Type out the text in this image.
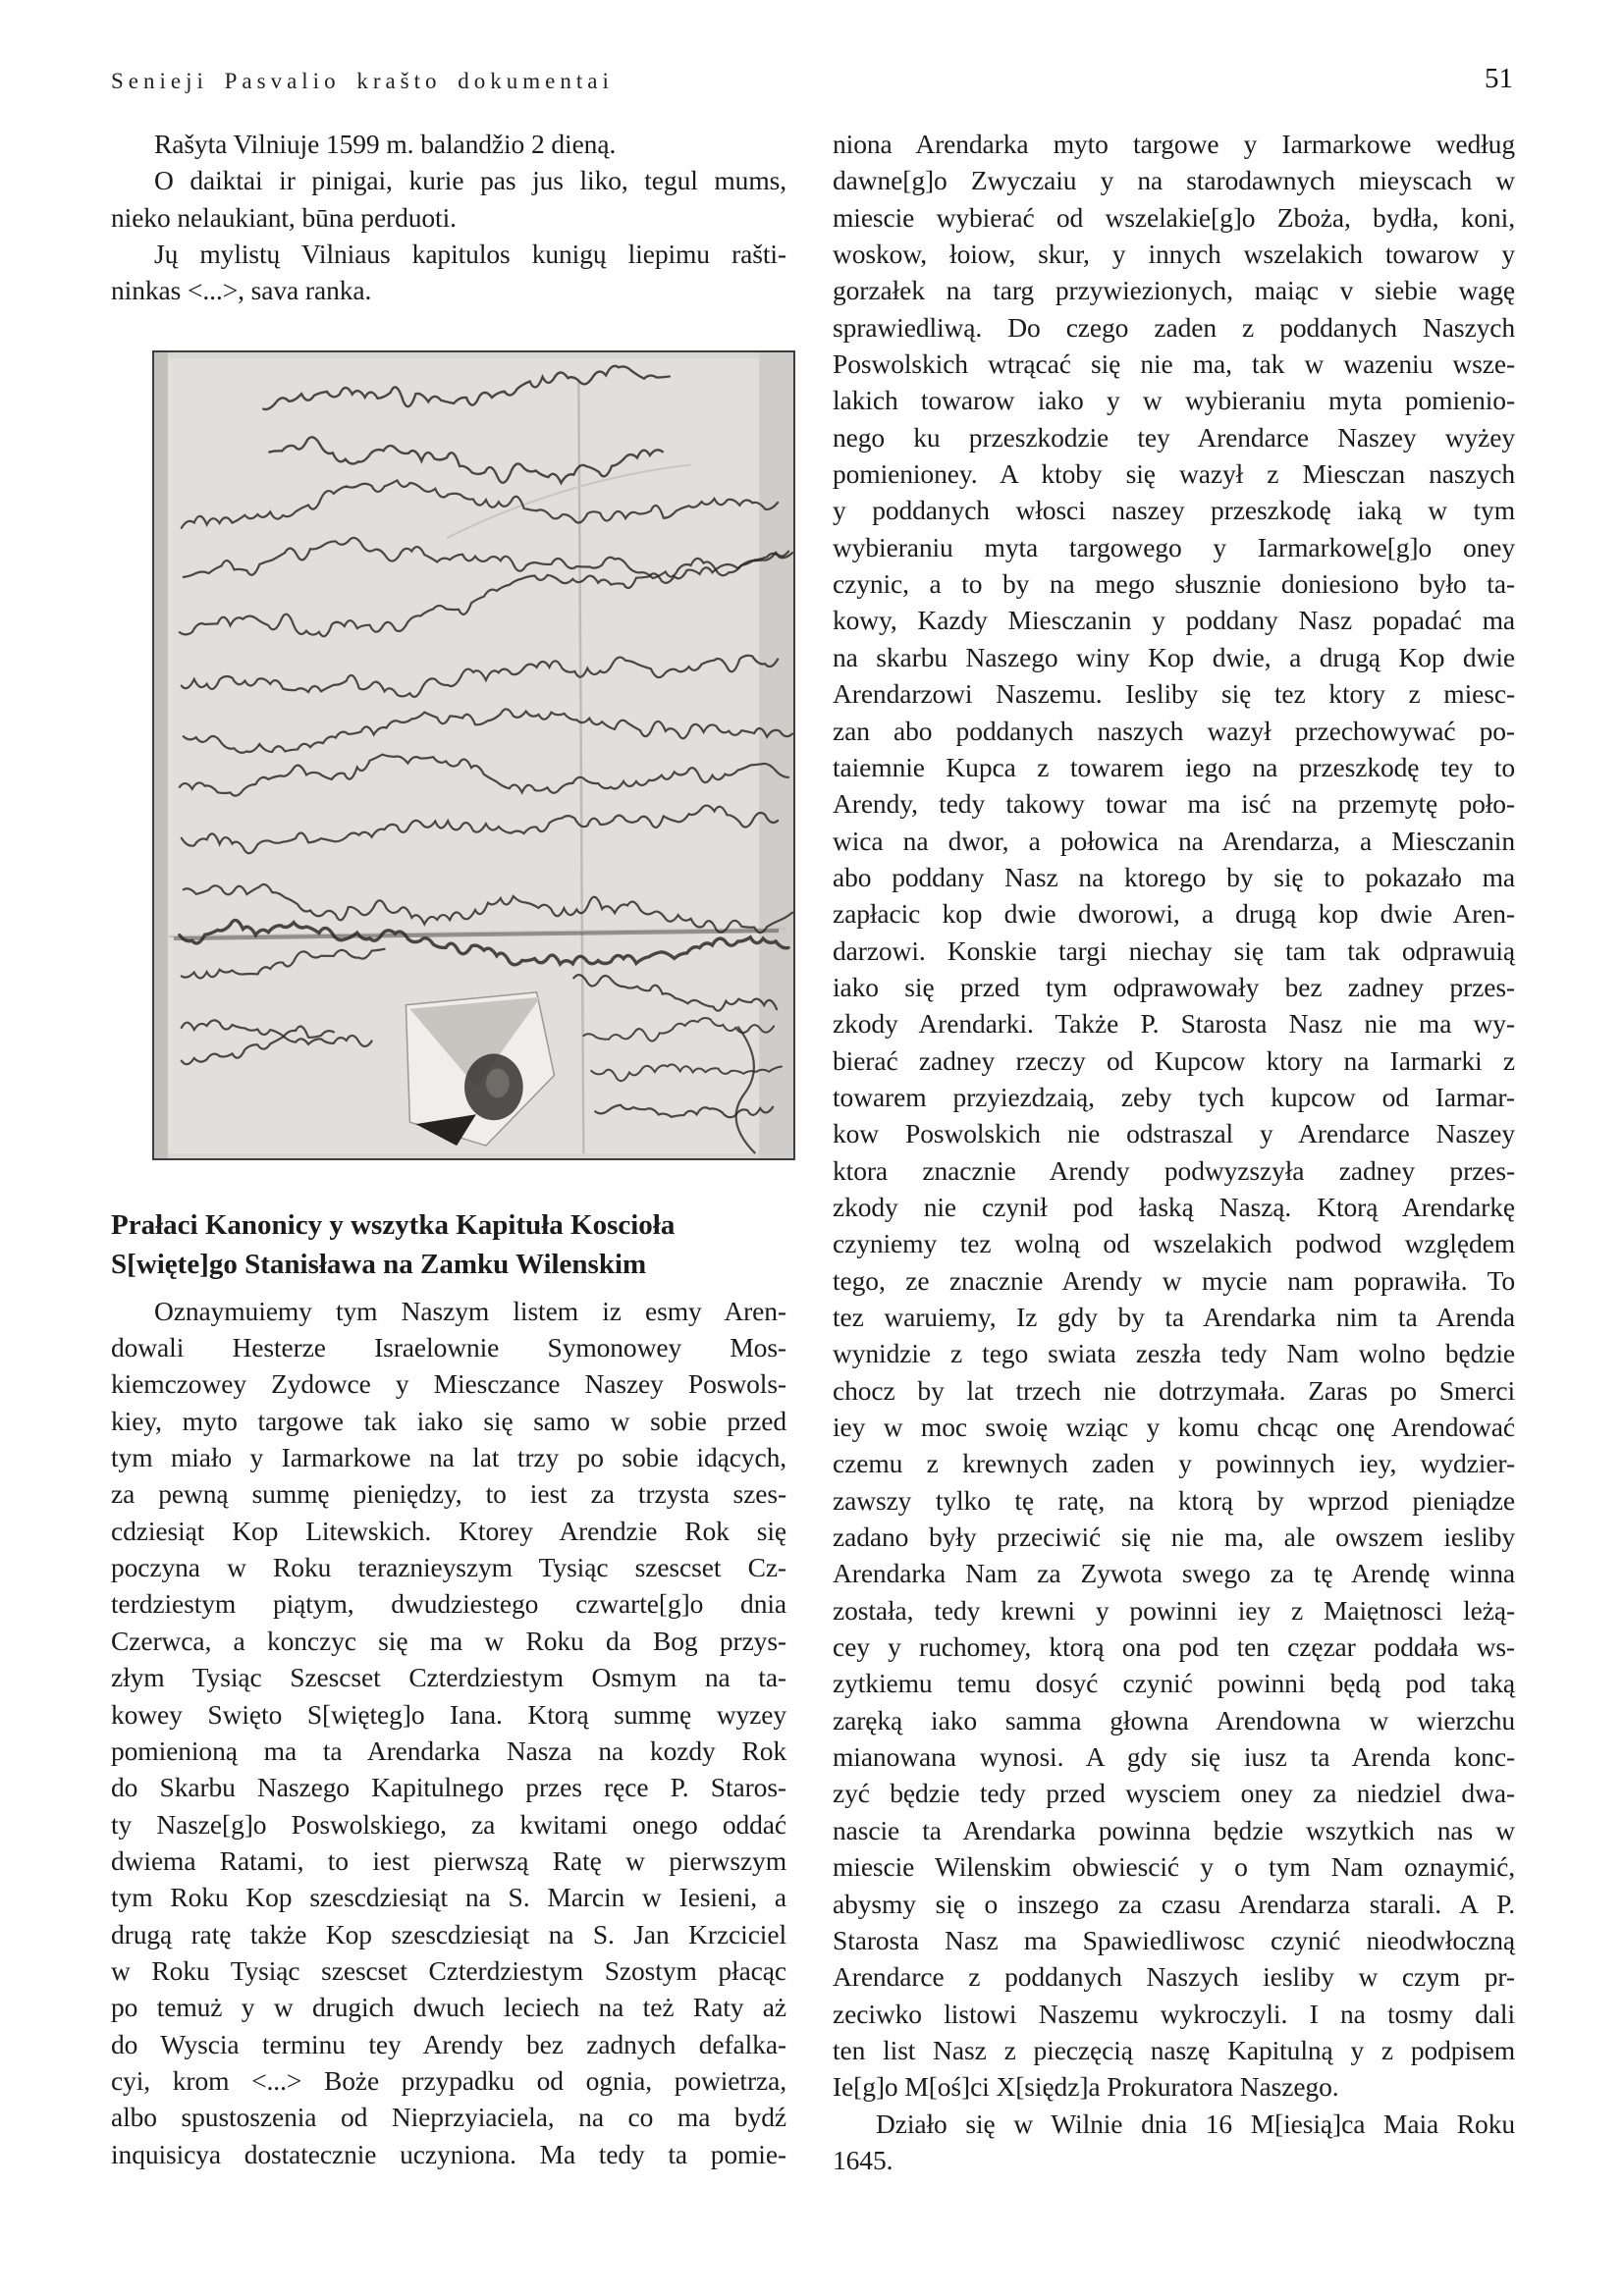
Senieji Pasvalio krašto dokumentai	51
Rašyta Vilniuje 1599 m. balandžio 2 dieną.
O daiktai ir pinigai, kurie pas jus liko, tegul mums,
nieko nelaukiant, būna perduoti.
Jų mylistų Vilniaus kapitulos kunigų liepimu rašti-
ninkas <...>, sava ranka.
Prałaci Kanonicy y wszytka Kapituła Koscioła
S[więte]go Stanisława na Zamku Wilenskim
Oznaymuiemy tym Naszym listem iz esmy Aren-
dowali Hesterze Israelownie Symonowey Mos-
kiemczowey Zydowce y Miesczance Naszey Poswols-
kiey, myto targowe tak iako się samo w sobie przed
tym miało y Iarmarkowe na lat trzy po sobie idących,
za pewną summę pieniędzy, to iest za trzysta szes-
cdziesiąt Kop Litewskich. Ktorey Arendzie Rok się
poczyna w Roku teraznieyszym Tysiąc szescset Cz-
terdziestym piątym, dwudziestego czwarte[g]o dnia
Czerwca, a konczyc się ma w Roku da Bog przys-
złym Tysiąc Szescset Czterdziestym Osmym na ta-
kowey Swięto S[więteg]o Iana. Ktorą summę wyzey
pomienioną ma ta Arendarka Nasza na kozdy Rok
do Skarbu Naszego Kapitulnego przes ręce P. Staros-
ty Nasze[g]o Poswolskiego, za kwitami onego oddać
dwiema Ratami, to iest pierwszą Ratę w pierwszym
tym Roku Kop szescdziesiąt na S. Marcin w Iesieni, a
drugą ratę także Kop szescdziesiąt na S. Jan Krzciciel
w Roku Tysiąc szescset Czterdziestym Szostym płacąc
po temuż y w drugich dwuch leciech na też Raty aż
do Wyscia terminu tey Arendy bez zadnych defalka-
cyi, krom <...> Boże przypadku od ognia, powietrza,
albo spustoszenia od Nieprzyiaciela, na co ma bydź
inquisicya dostatecznie uczyniona. Ma tedy ta pomie-
niona Arendarka myto targowe y Iarmarkowe według
dawne[g]o Zwyczaiu y na starodawnych mieyscach w
miescie wybierać od wszelakie[g]o Zboża, bydła, koni,
woskow, łoiow, skur, y innych wszelakich towarow y
gorzałek na targ przywiezionych, maiąc v siebie wagę
sprawiedliwą. Do czego zaden z poddanych Naszych
Poswolskich wtrącać się nie ma, tak w wazeniu wsze-
lakich towarow iako y w wybieraniu myta pomienio-
nego ku przeszkodzie tey Arendarce Naszey wyżey
pomienioney. A ktoby się wazył z Miesczan naszych
y poddanych włosci naszey przeszkodę iaką w tym
wybieraniu myta targowego y Iarmarkowe[g]o oney
czynic, a to by na mego słusznie doniesiono było ta-
kowy, Kazdy Miesczanin y poddany Nasz popadać ma
na skarbu Naszego winy Kop dwie, a drugą Kop dwie
Arendarzowi Naszemu. Iesliby się tez ktory z miesc-
zan abo poddanych naszych wazył przechowywać po-
taiemnie Kupca z towarem iego na przeszkodę tey to
Arendy, tedy takowy towar ma isć na przemytę poło-
wica na dwor, a połowica na Arendarza, a Miesczanin
abo poddany Nasz na ktorego by się to pokazało ma
zapłacic kop dwie dworowi, a drugą kop dwie Aren-
darzowi. Konskie targi niechay się tam tak odprawuią
iako się przed tym odprawowały bez zadney przes-
zkody Arendarki. Także P. Starosta Nasz nie ma wy-
bierać zadney rzeczy od Kupcow ktory na Iarmarki z
towarem przyiezdzaią, zeby tych kupcow od Iarmar-
kow Poswolskich nie odstraszal y Arendarce Naszey
ktora znacznie Arendy podwyzszyła zadney przes-
zkody nie czynił pod łaską Naszą. Ktorą Arendarkę
czyniemy tez wolną od wszelakich podwod względem
tego, ze znacznie Arendy w mycie nam poprawiła. To
tez waruiemy, Iz gdy by ta Arendarka nim ta Arenda
wynidzie z tego swiata zeszła tedy Nam wolno będzie
chocz by lat trzech nie dotrzymała. Zaras po Smerci
iey w moc swoię wziąc y komu chcąc onę Arendować
czemu z krewnych zaden y powinnych iey, wydzier-
zawszy tylko tę ratę, na ktorą by wprzod pieniądze
zadano były przeciwić się nie ma, ale owszem iesliby
Arendarka Nam za Zywota swego za tę Arendę winna
została, tedy krewni y powinni iey z Maiętnosci leżą-
cey y ruchomey, ktorą ona pod ten częzar poddała ws-
zytkiemu temu dosyć czynić powinni będą pod taką
zaręką iako samma głowna Arendowna w wierzchu
mianowana wynosi. A gdy się iusz ta Arenda konc-
zyć będzie tedy przed wysciem oney za niedziel dwa-
nascie ta Arendarka powinna będzie wszytkich nas w
miescie Wilenskim obwiescić y o tym Nam oznaymić,
abysmy się o inszego za czasu Arendarza starali. A P.
Starosta Nasz ma Spawiedliwosc czynić nieodwłoczną
Arendarce z poddanych Naszych iesliby w czym pr-
zeciwko listowi Naszemu wykroczyli. I na tosmy dali
ten list Nasz z pieczęcią naszę Kapitulną y z podpisem
Ie[g]o M[oś]ci X[siędz]a Prokuratora Naszego.
Działo się w Wilnie dnia 16 M[iesią]ca Maia Roku
1645.
